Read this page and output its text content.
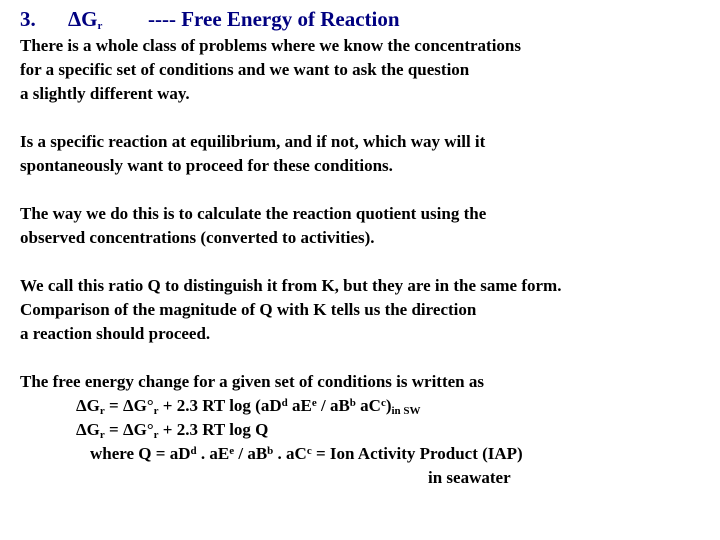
3. $\Delta G_r$ ---- Free Energy of Reaction
There is a whole class of problems where we know the concentrations
for a specific set of conditions and we want to ask the question
a slightly different way.
Is a specific reaction at equilibrium, and if not, which way will it
spontaneously want to proceed for these conditions.
The way we do this is to calculate the reaction quotient using the
observed concentrations (converted to activities).
We call this ratio Q to distinguish it from K, but they are in the same form.
Comparison of the magnitude of Q with K tells us the direction
a reaction should proceed.
The free energy change for a given set of conditions is written as
$\Delta G_r = \Delta G^\circ_r + 2.3$ RT $\log (aD^d$ $aE^e / aB^b$ $aC^c)_{in SW}$
$\Delta G_r = \Delta G^\circ_r + 2.3$ RT log Q
where $Q = aD^d$ . $aE^e / aB^b$ . $aC^c$ = Ion Activity Product (IAP)
in seawater
